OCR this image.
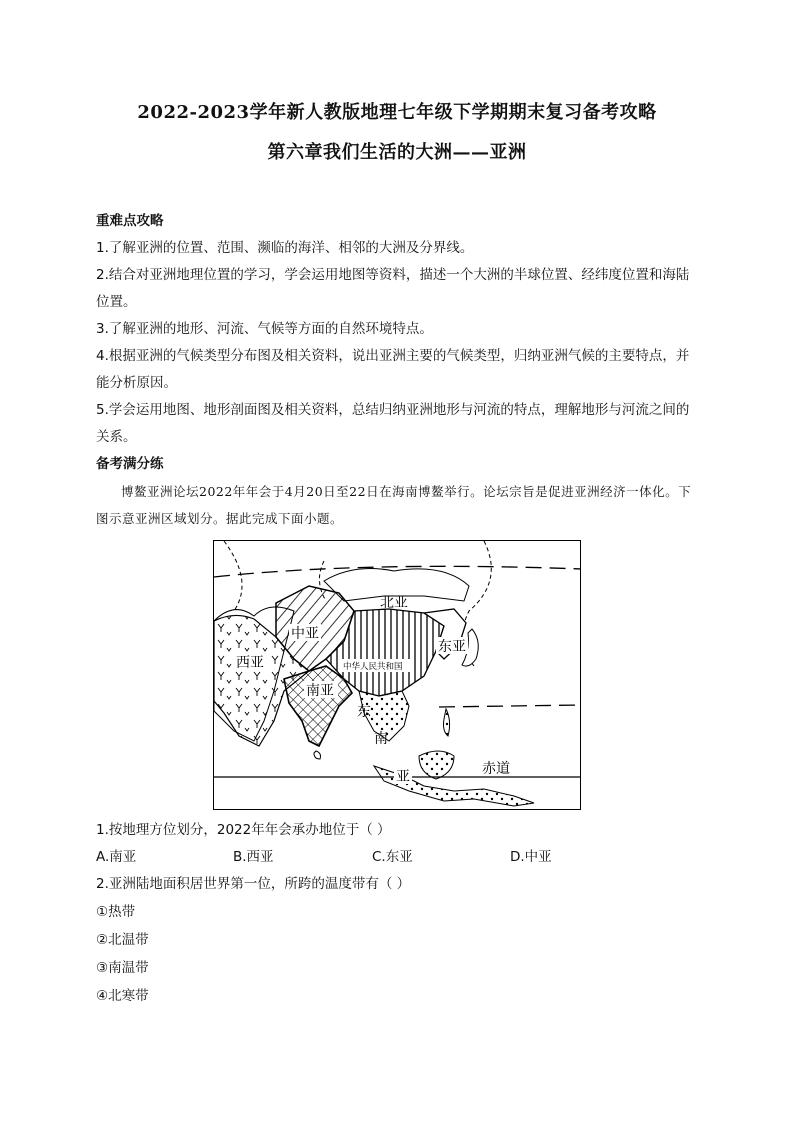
2022-2023学年新人教版地理七年级下学期期末复习备考攻略
第六章我们生活的大洲——亚洲
重难点攻略

1.了解亚洲的位置、范围、濒临的海洋、相邻的大洲及分界线。

2.结合对亚洲地理位置的学习，学会运用地图等资料，描述一个大洲的半球位置、经纬度位置和海陆位置。

3.了解亚洲的地形、河流、气候等方面的自然环境特点。

4.根据亚洲的气候类型分布图及相关资料，说出亚洲主要的气候类型，归纳亚洲气候的主要特点，并能分析原因。

5.学会运用地图、地形剖面图及相关资料，总结归纳亚洲地形与河流的特点，理解地形与河流之间的关系。

备考满分练

博鳌亚洲论坛2022年年会于4月20日至22日在海南博鳌举行。论坛宗旨是促进亚洲经济一体化。下图示意亚洲区域划分。据此完成下面小题。

北亚
中亚
西亚
东亚
南亚
中华人民共和国
东
南
亚	赤道

1.按地理方位划分，2022年年会承办地位于（ ）

A.南亚	B.西亚	C.东亚	D.中亚

2.亚洲陆地面积居世界第一位，所跨的温度带有（ ）

①热带

②北温带

③南温带

④北寒带
